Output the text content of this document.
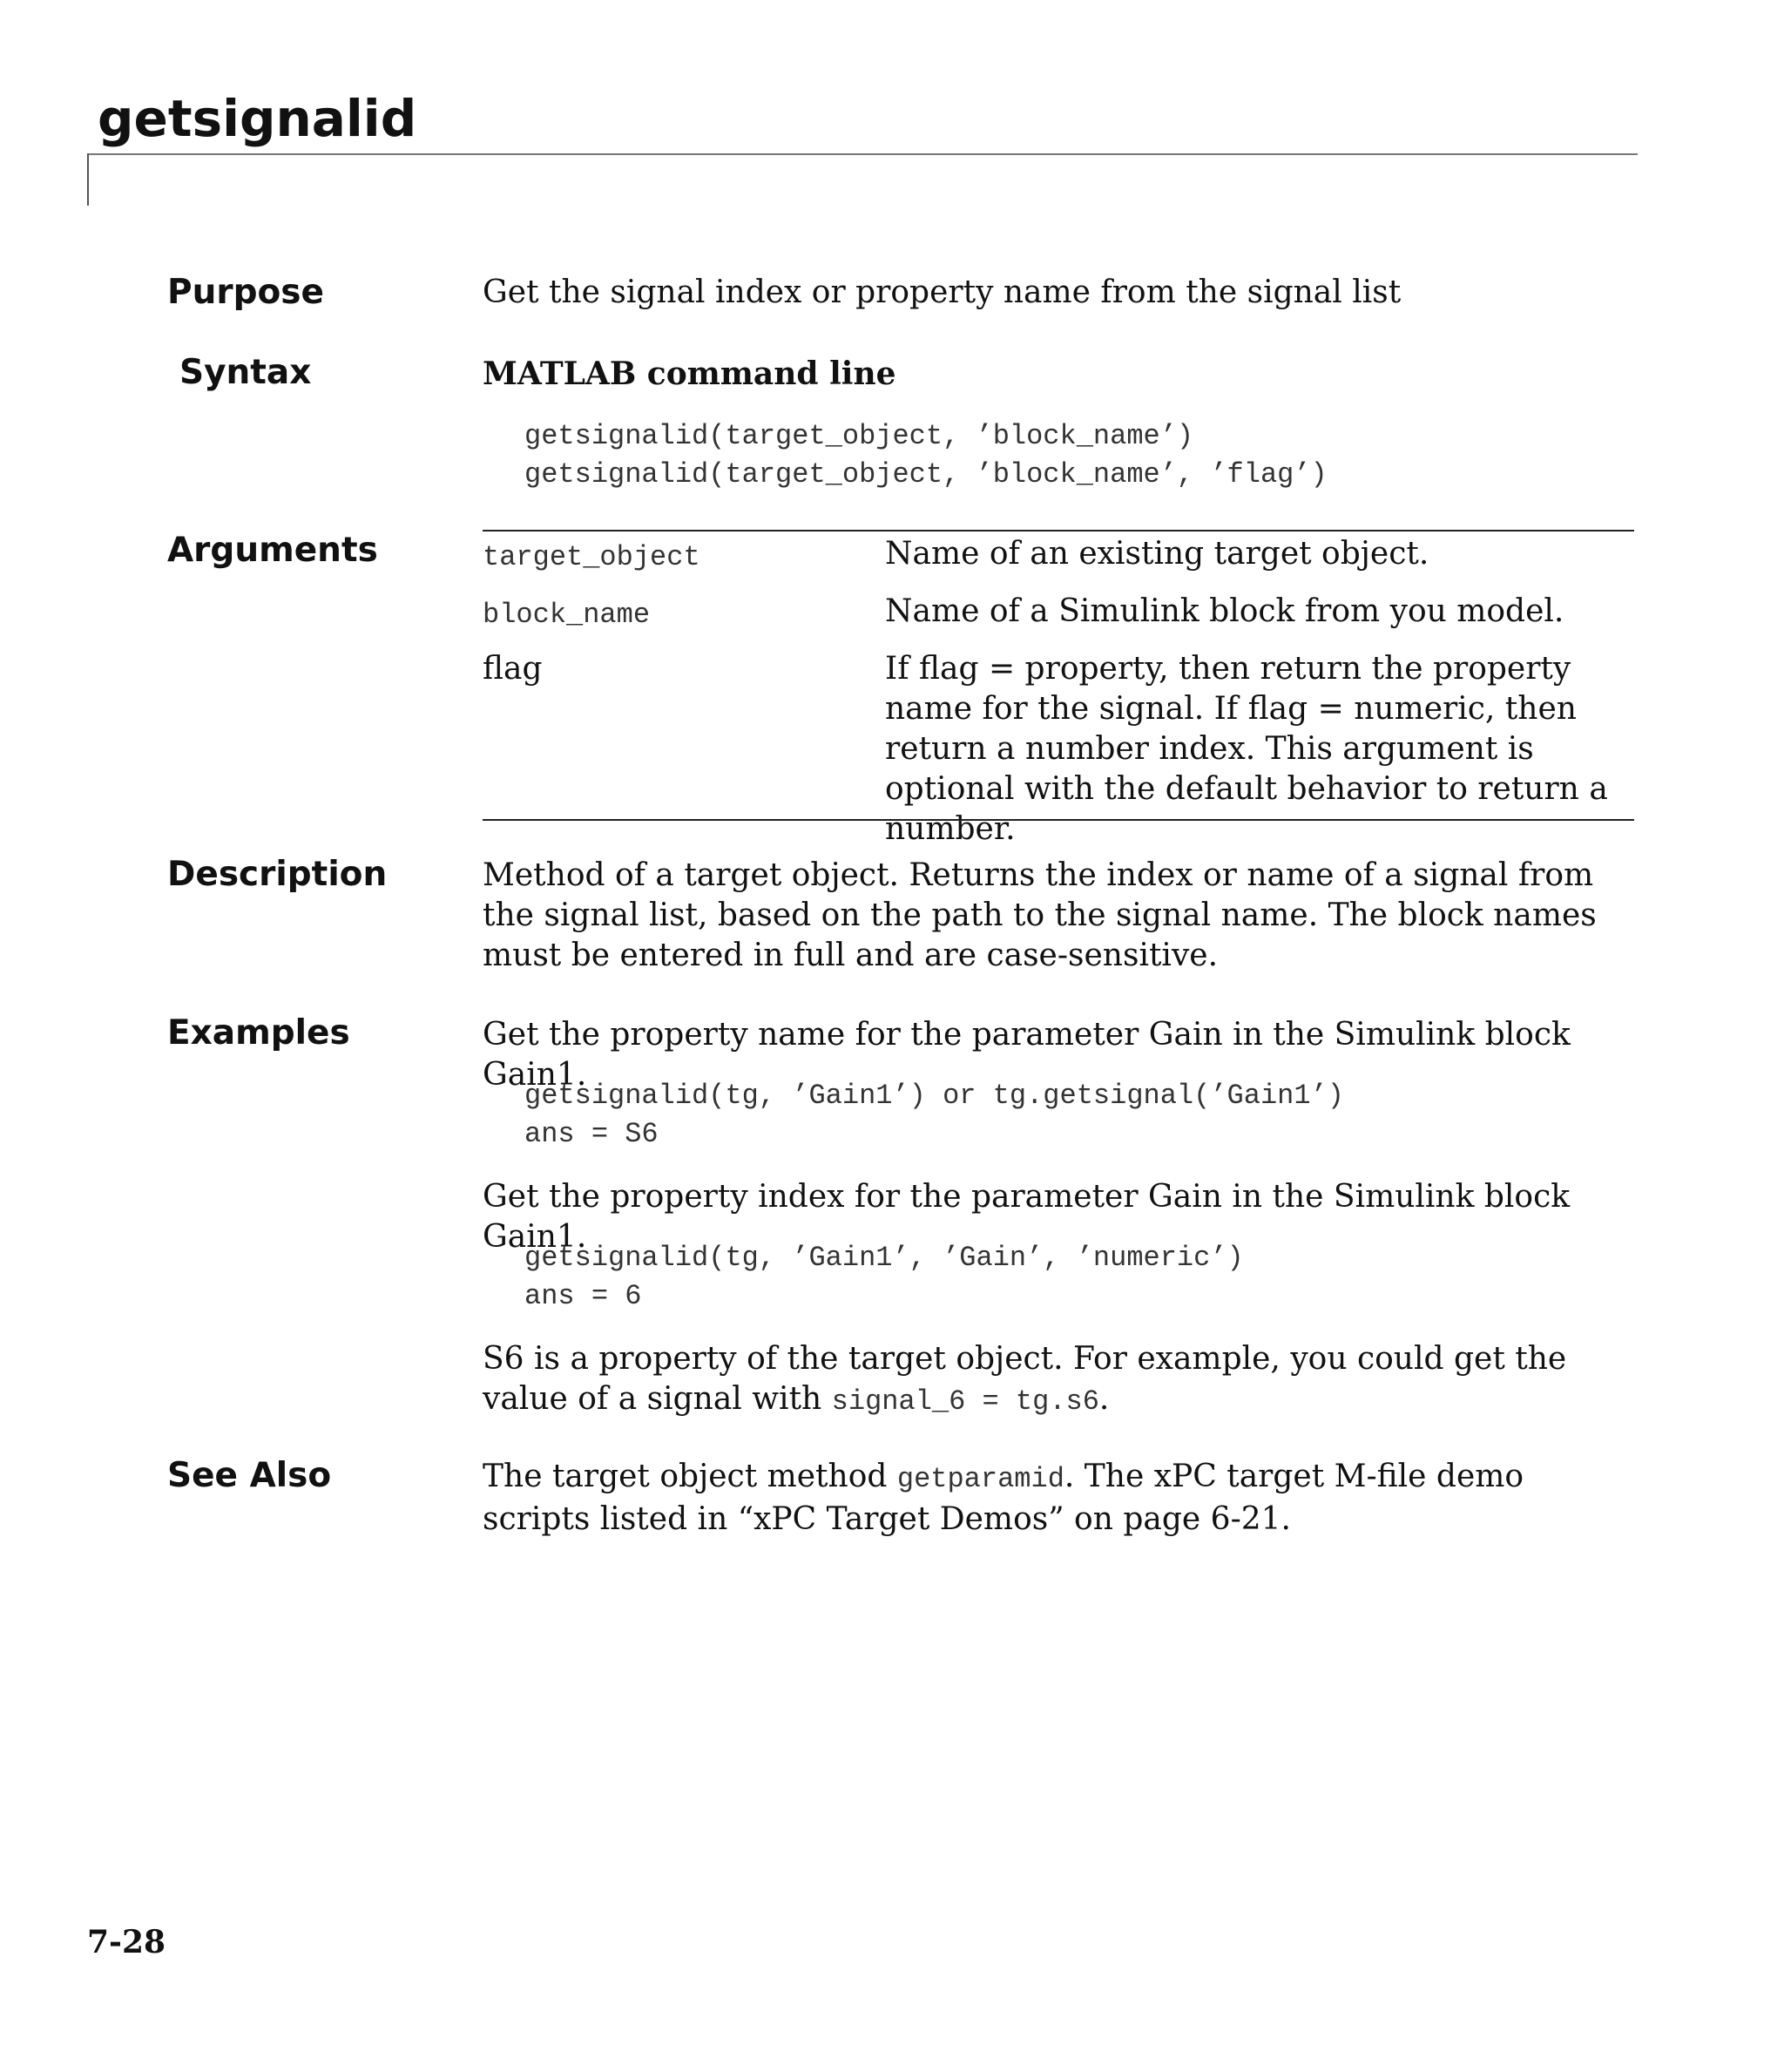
getsignalid
Purpose	Get the signal index or property name from the signal list
Syntax	MATLAB command line
getsignalid(target_object, ’block_name’)
getsignalid(target_object, ’block_name’, ’flag’)
Arguments	target_object	Name of an existing target object.
block_name	Name of a Simulink block from you model.
flag	If flag = property, then return the property name for the signal. If flag = numeric, then return a number index. This argument is optional with the default behavior to return a number.
Description	Method of a target object. Returns the index or name of a signal from the signal list, based on the path to the signal name. The block names must be entered in full and are case-sensitive.
Examples	Get the property name for the parameter Gain in the Simulink block Gain1.
getsignalid(tg, ’Gain1’) or tg.getsignal(’Gain1’)
ans = S6
Get the property index for the parameter Gain in the Simulink block Gain1.
getsignalid(tg, ’Gain1’, ’Gain’, ’numeric’)
ans = 6
S6 is a property of the target object. For example, you could get the value of a signal with signal_6 = tg.s6.
See Also	The target object method getparamid. The xPC target M-file demo scripts listed in “xPC Target Demos” on page 6-21.
7-28
